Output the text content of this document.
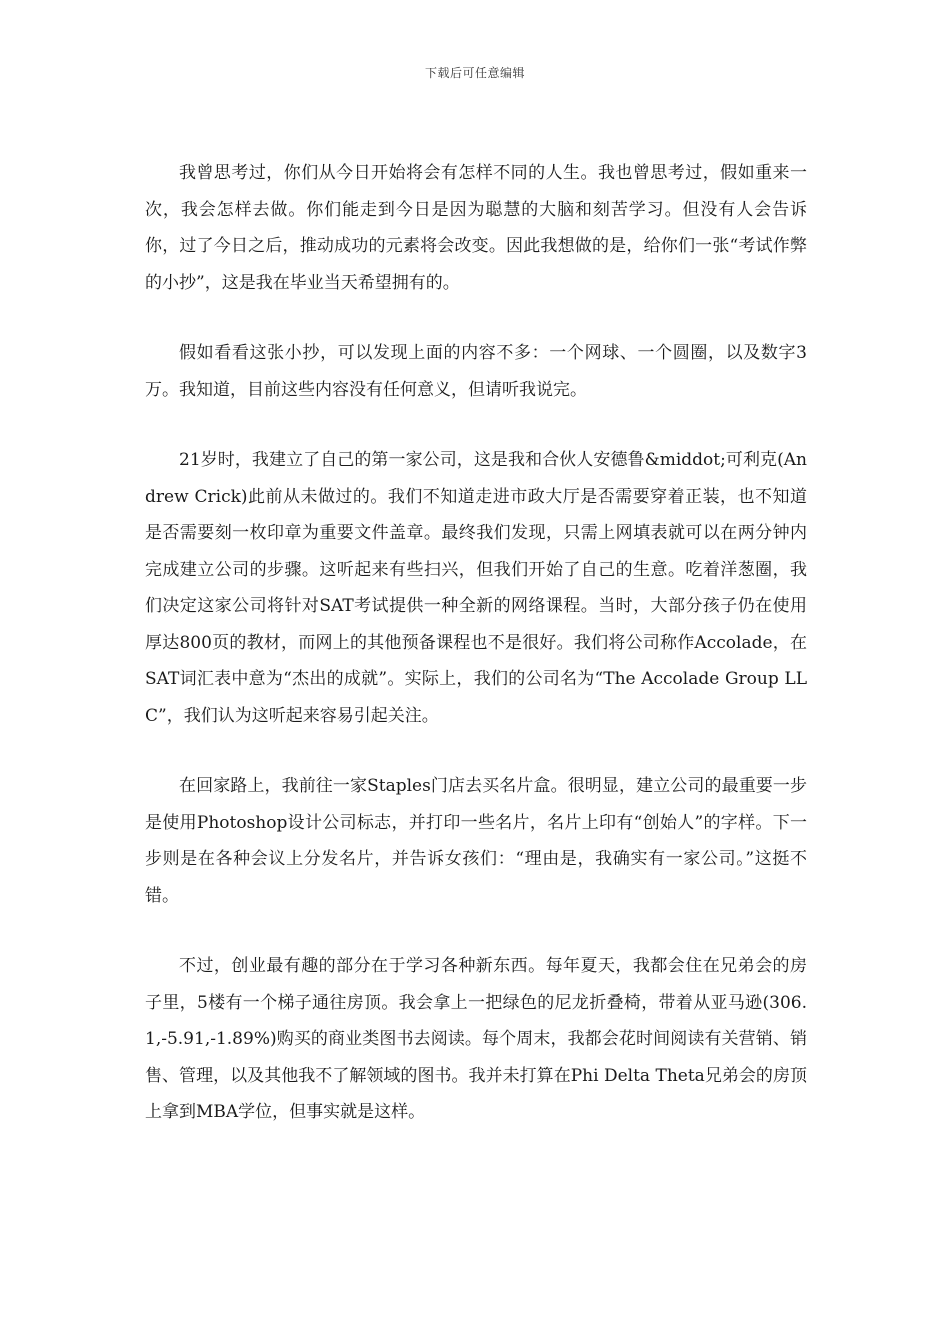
下载后可任意编辑

我曾思考过，你们从今日开始将会有怎样不同的人生。我也曾思考过，假如重来一次，我会怎样去做。你们能走到今日是因为聪慧的大脑和刻苦学习。但没有人会告诉你，过了今日之后，推动成功的元素将会改变。因此我想做的是，给你们一张“考试作弊的小抄”，这是我在毕业当天希望拥有的。

假如看看这张小抄，可以发现上面的内容不多：一个网球、一个圆圈，以及数字3万。我知道，目前这些内容没有任何意义，但请听我说完。

21岁时，我建立了自己的第一家公司，这是我和合伙人安德鲁&middot;可利克(Andrew Crick)此前从未做过的。我们不知道走进市政大厅是否需要穿着正装，也不知道是否需要刻一枚印章为重要文件盖章。最终我们发现，只需上网填表就可以在两分钟内完成建立公司的步骤。这听起来有些扫兴，但我们开始了自己的生意。吃着洋葱圈，我们决定这家公司将针对SAT考试提供一种全新的网络课程。当时，大部分孩子仍在使用厚达800页的教材，而网上的其他预备课程也不是很好。我们将公司称作Accolade，在SAT词汇表中意为“杰出的成就”。实际上，我们的公司名为“The Accolade Group LLC”，我们认为这听起来容易引起关注。

在回家路上，我前往一家Staples门店去买名片盒。很明显，建立公司的最重要一步是使用Photoshop设计公司标志，并打印一些名片，名片上印有“创始人”的字样。下一步则是在各种会议上分发名片，并告诉女孩们：“理由是，我确实有一家公司。”这挺不错。

不过，创业最有趣的部分在于学习各种新东西。每年夏天，我都会住在兄弟会的房子里，5楼有一个梯子通往房顶。我会拿上一把绿色的尼龙折叠椅，带着从亚马逊(306.1,-5.91,-1.89%)购买的商业类图书去阅读。每个周末，我都会花时间阅读有关营销、销售、管理，以及其他我不了解领域的图书。我并未打算在Phi Delta Theta兄弟会的房顶上拿到MBA学位，但事实就是这样。
